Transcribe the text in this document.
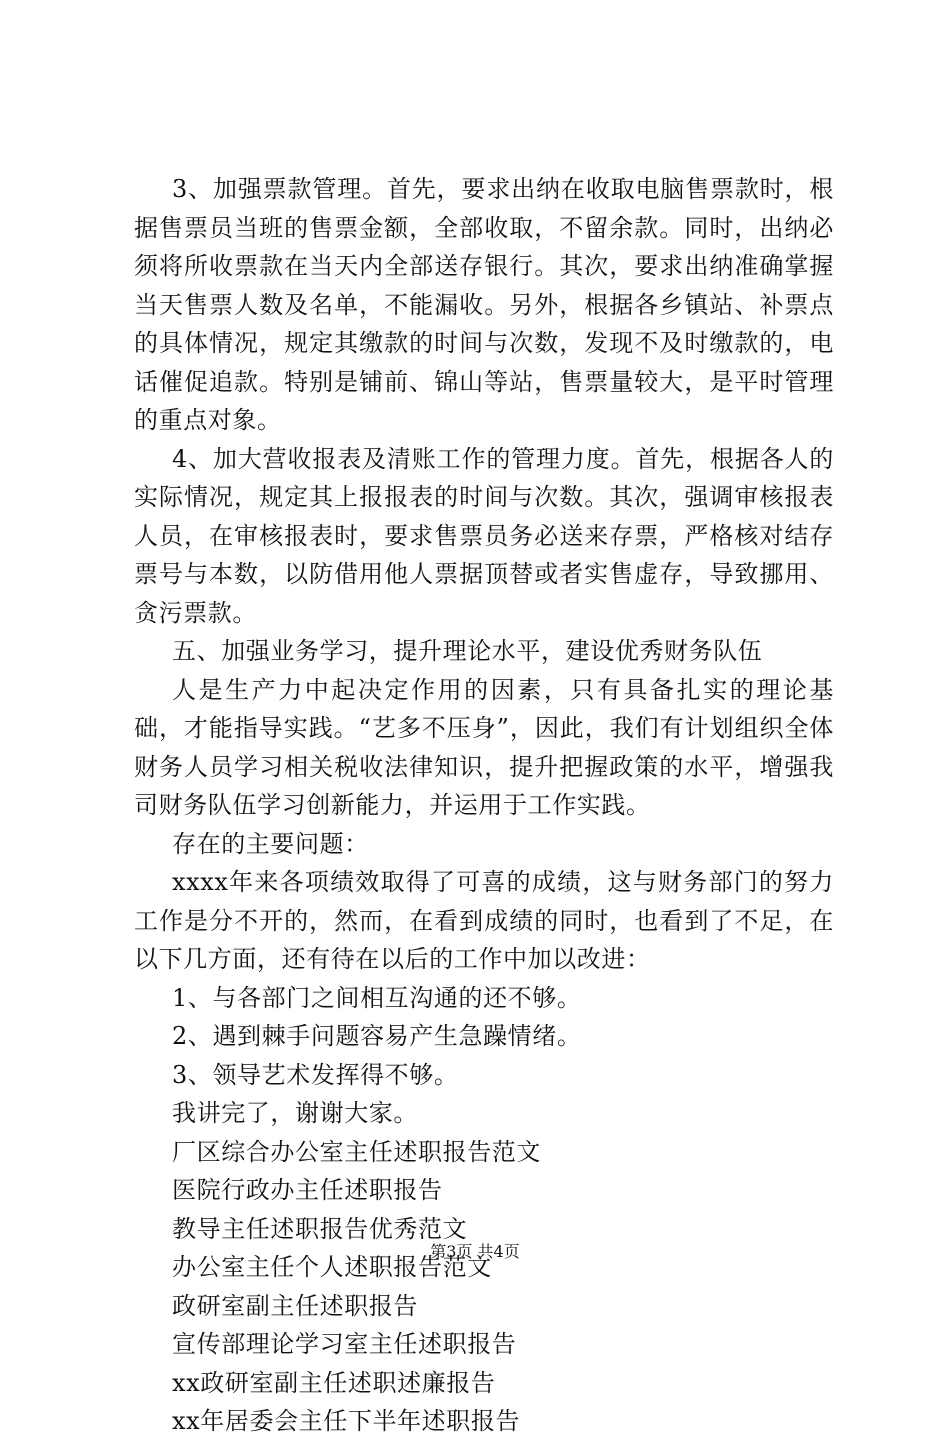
3、加强票款管理。首先，要求出纳在收取电脑售票款时，根据售票员当班的售票金额，全部收取，不留余款。同时，出纳必须将所收票款在当天内全部送存银行。其次，要求出纳准确掌握当天售票人数及名单，不能漏收。另外，根据各乡镇站、补票点的具体情况，规定其缴款的时间与次数，发现不及时缴款的，电话催促追款。特别是铺前、锦山等站，售票量较大，是平时管理的重点对象。

4、加大营收报表及清账工作的管理力度。首先，根据各人的实际情况，规定其上报报表的时间与次数。其次，强调审核报表人员，在审核报表时，要求售票员务必送来存票，严格核对结存票号与本数，以防借用他人票据顶替或者实售虚存，导致挪用、贪污票款。

五、加强业务学习，提升理论水平，建设优秀财务队伍

人是生产力中起决定作用的因素，只有具备扎实的理论基础，才能指导实践。“艺多不压身”，因此，我们有计划组织全体财务人员学习相关税收法律知识，提升把握政策的水平，增强我司财务队伍学习创新能力，并运用于工作实践。

存在的主要问题：

xxxx年来各项绩效取得了可喜的成绩，这与财务部门的努力工作是分不开的，然而，在看到成绩的同时，也看到了不足，在以下几方面，还有待在以后的工作中加以改进：

1、与各部门之间相互沟通的还不够。

2、遇到棘手问题容易产生急躁情绪。

3、领导艺术发挥得不够。

我讲完了，谢谢大家。

厂区综合办公室主任述职报告范文

医院行政办主任述职报告

教导主任述职报告优秀范文

办公室主任个人述职报告范文

政研室副主任述职报告

宣传部理论学习室主任述职报告

xx政研室副主任述职述廉报告

xx年居委会主任下半年述职报告

第3页 共4页
